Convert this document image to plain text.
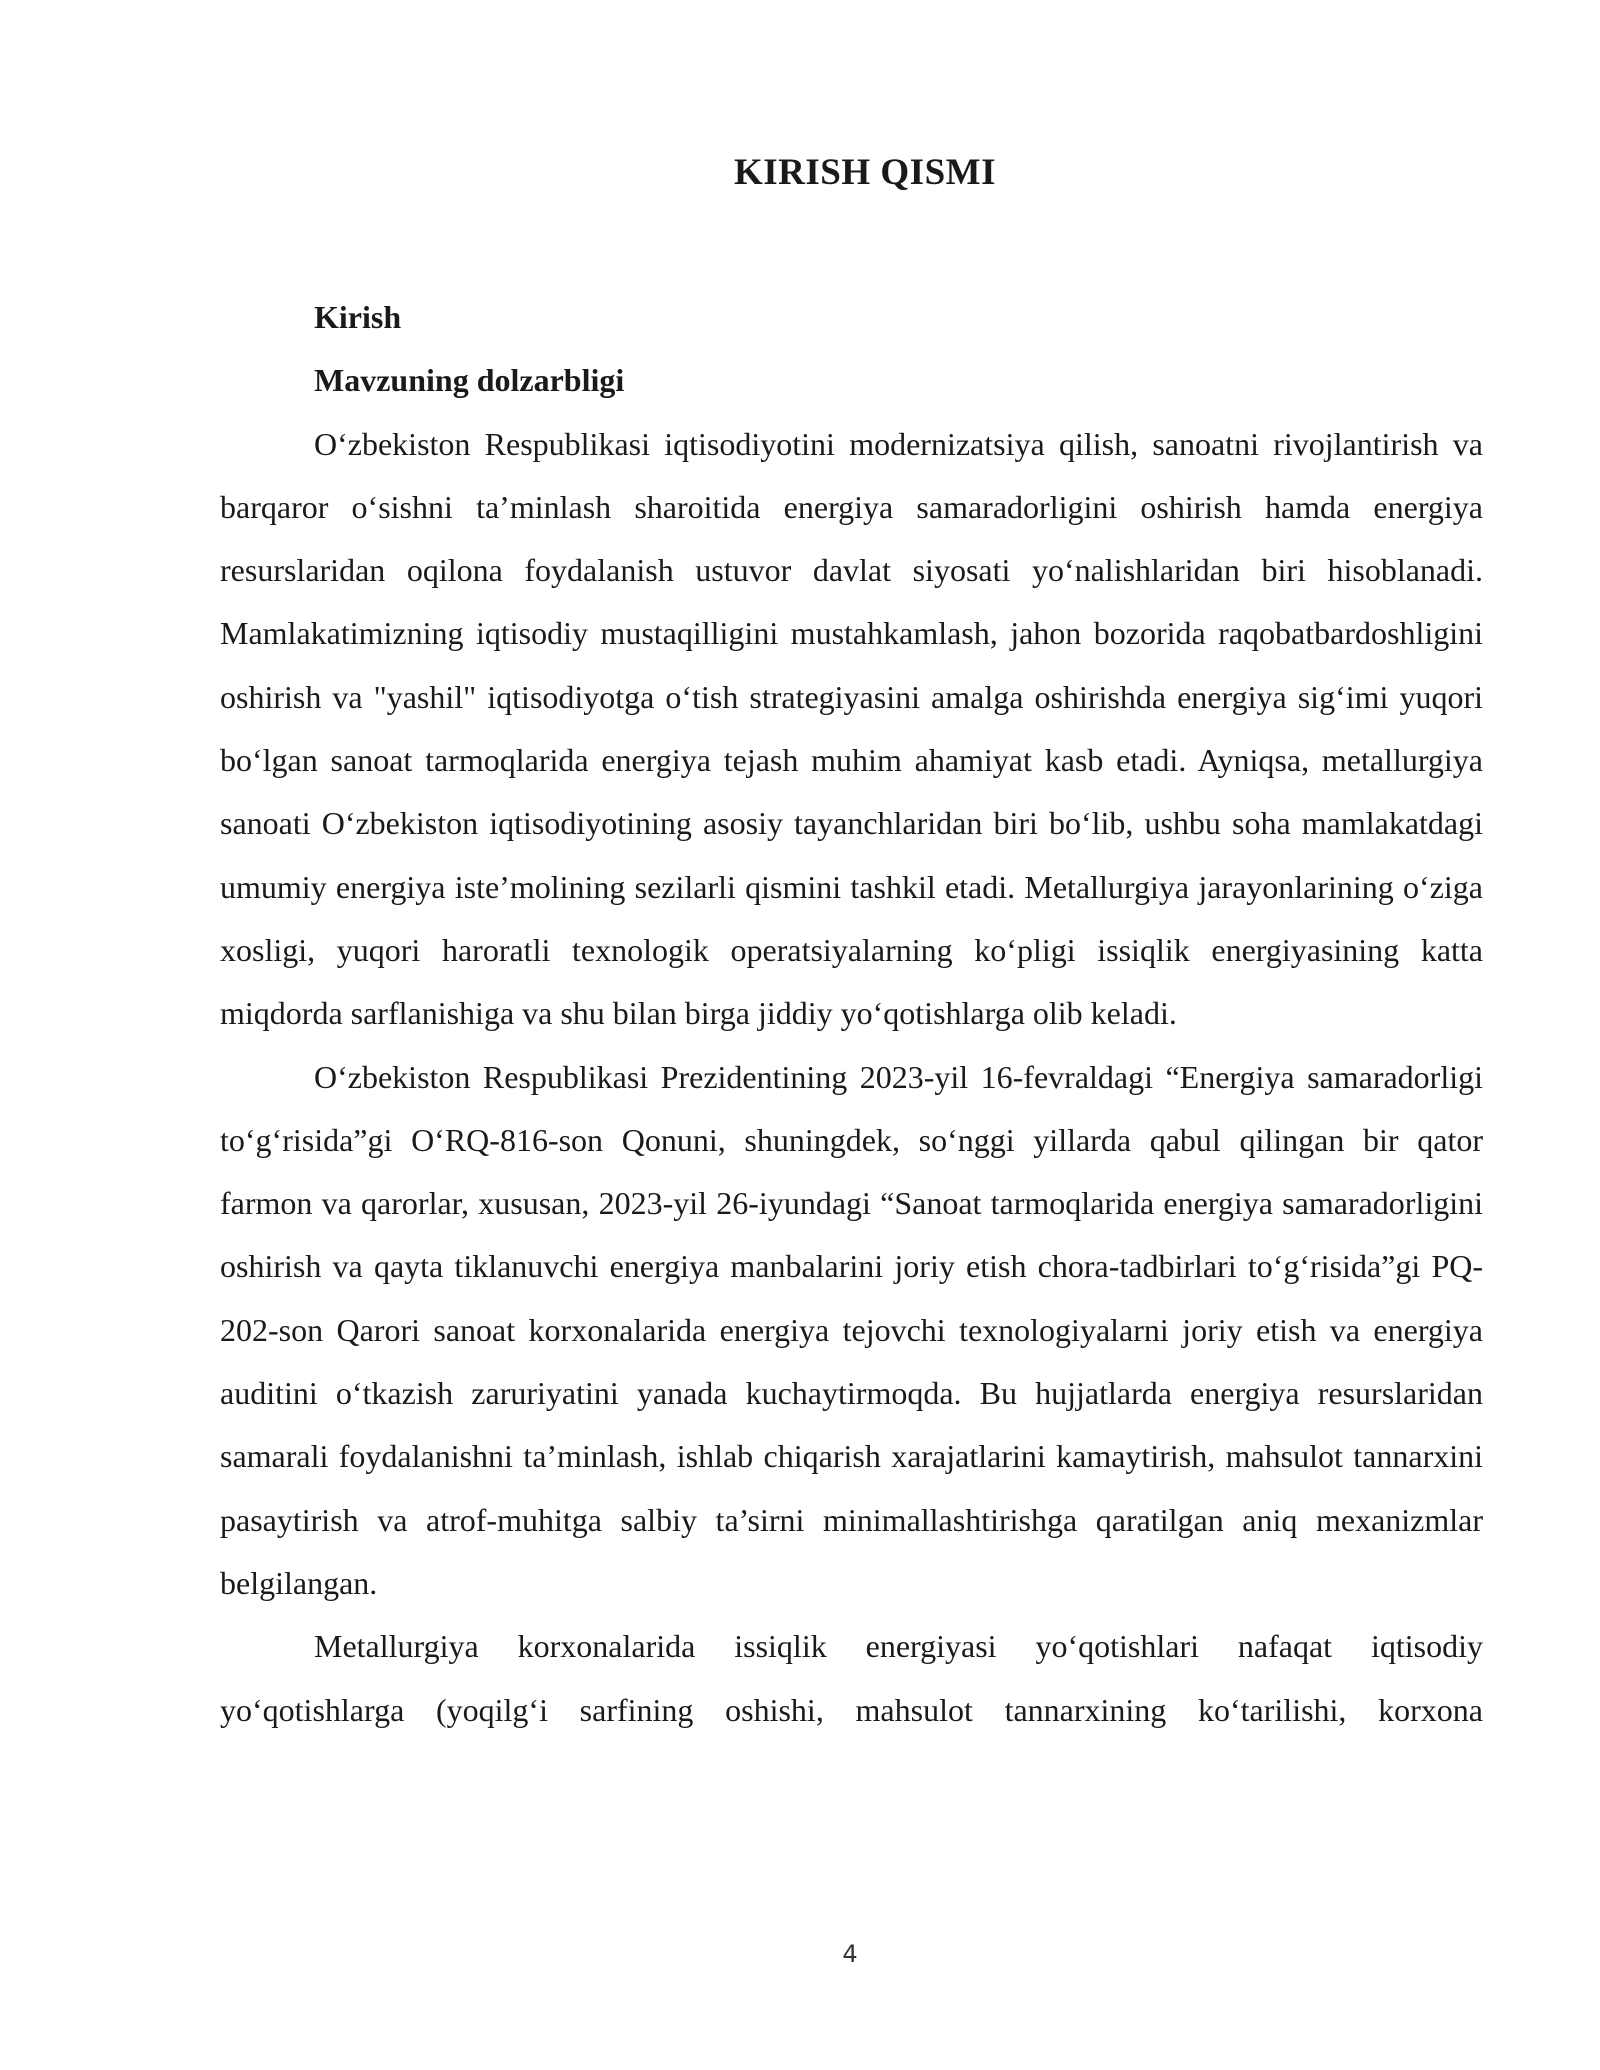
KIRISH QISMI
Kirish
Mavzuning dolzarbligi

O‘zbekiston Respublikasi iqtisodiyotini modernizatsiya qilish, sanoatni rivojlantirish va barqaror o‘sishni ta’minlash sharoitida energiya samaradorligini oshirish hamda energiya resurslaridan oqilona foydalanish ustuvor davlat siyosati yo‘nalishlaridan biri hisoblanadi. Mamlakatimizning iqtisodiy mustaqilligini mustahkamlash, jahon bozorida raqobatbardoshligini oshirish va "yashil" iqtisodiyotga o‘tish strategiyasini amalga oshirishda energiya sig‘imi yuqori bo‘lgan sanoat tarmoqlarida energiya tejash muhim ahamiyat kasb etadi. Ayniqsa, metallurgiya sanoati O‘zbekiston iqtisodiyotining asosiy tayanchlaridan biri bo‘lib, ushbu soha mamlakatdagi umumiy energiya iste’molining sezilarli qismini tashkil etadi. Metallurgiya jarayonlarining o‘ziga xosligi, yuqori haroratli texnologik operatsiyalarning ko‘pligi issiqlik energiyasining katta miqdorda sarflanishiga va shu bilan birga jiddiy yo‘qotishlarga olib keladi.

O‘zbekiston Respublikasi Prezidentining 2023-yil 16-fevraldagi “Energiya samaradorligi to‘g‘risida”gi O‘RQ-816-son Qonuni, shuningdek, so‘nggi yillarda qabul qilingan bir qator farmon va qarorlar, xususan, 2023-yil 26-iyundagi “Sanoat tarmoqlarida energiya samaradorligini oshirish va qayta tiklanuvchi energiya manbalarini joriy etish chora-tadbirlari to‘g‘risida”gi PQ-202-son Qarori sanoat korxonalarida energiya tejovchi texnologiyalarni joriy etish va energiya auditini o‘tkazish zaruriyatini yanada kuchaytirmoqda. Bu hujjatlarda energiya resurslaridan samarali foydalanishni ta’minlash, ishlab chiqarish xarajatlarini kamaytirish, mahsulot tannarxini pasaytirish va atrof-muhitga salbiy ta’sirni minimallashtirishga qaratilgan aniq mexanizmlar belgilangan.

Metallurgiya korxonalarida issiqlik energiyasi yo‘qotishlari nafaqat iqtisodiy yo‘qotishlarga (yoqilg‘i sarfining oshishi, mahsulot tannarxining ko‘tarilishi, korxona

4
